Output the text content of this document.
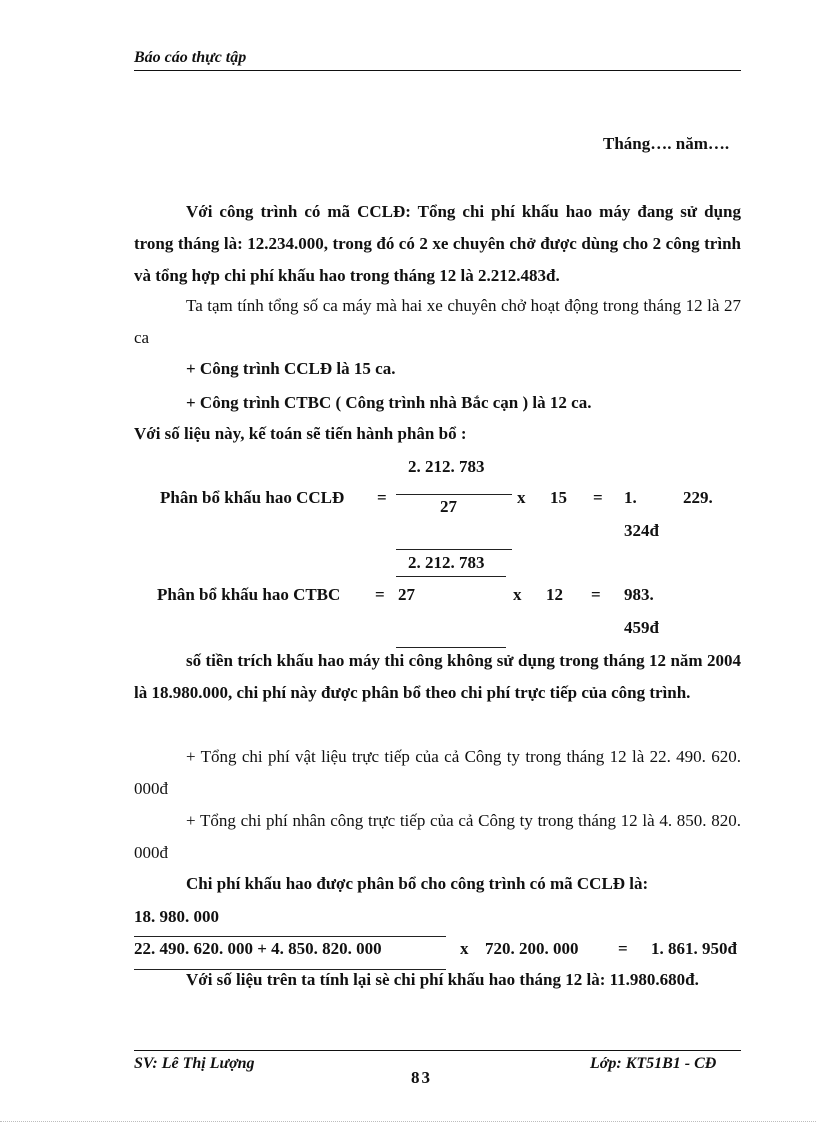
Báo cáo thực tập
Tháng…. năm….
Với công trình có mã CCLĐ: Tổng chi phí khấu hao máy đang sử dụng trong tháng là: 12.234.000, trong đó có 2 xe chuyên chở được dùng cho 2 công trình và tổng hợp chi phí khấu hao trong tháng 12 là 2.212.483đ.
Ta tạm tính tổng số ca máy mà hai xe chuyên chở hoạt động trong tháng 12 là 27 ca
+ Công trình CCLĐ là 15 ca.
+ Công trình CTBC ( Công trình nhà Bắc cạn ) là 12 ca.
Với số liệu này, kế toán sẽ tiến hành phân bổ :
2. 212. 783
Phân bổ khấu hao CCLĐ =	27	x 15 = 1.	229.
324đ
2. 212. 783
Phân bổ khấu hao CTBC = 27	x 12 = 983.
459đ
số tiền trích khấu hao máy thi công không sử dụng trong tháng 12 năm 2004 là 18.980.000, chi phí này được phân bổ theo chi phí trực tiếp của công trình.
+ Tổng chi phí vật liệu trực tiếp của cả Công ty trong tháng 12 là 22. 490. 620. 000đ
+ Tổng chi phí nhân công trực tiếp của cả Công ty trong tháng 12 là 4. 850. 820. 000đ
Chi phí khấu hao được phân bổ cho công trình có mã CCLĐ là:
18. 980. 000
22. 490. 620. 000 + 4. 850. 820. 000	x 720. 200. 000 = 1. 861. 950đ
Với số liệu trên ta tính lại sè chi phí khấu hao tháng 12 là: 11.980.680đ.
SV: Lê Thị Lượng
83
Lớp: KT51B1 - CĐ
